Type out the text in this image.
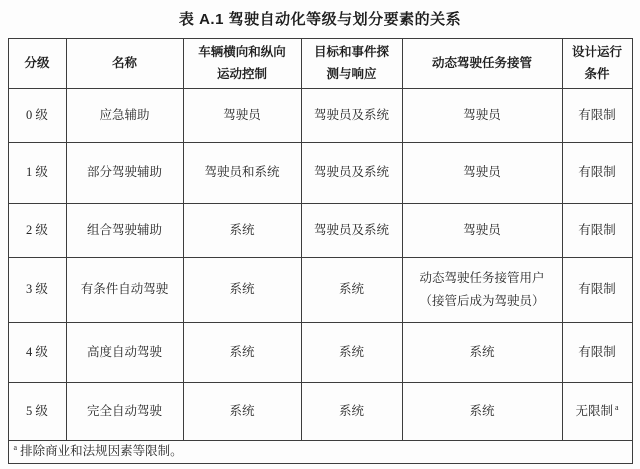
表 A.1 驾驶自动化等级与划分要素的关系
分级	名称	车辆横向和纵向运动控制	目标和事件探测与响应	动态驾驶任务接管	设计运行条件
0 级	应急辅助	驾驶员	驾驶员及系统	驾驶员	有限制
1 级	部分驾驶辅助	驾驶员和系统	驾驶员及系统	驾驶员	有限制
2 级	组合驾驶辅助	系统	驾驶员及系统	驾驶员	有限制
3 级	有条件自动驾驶	系统	系统	动态驾驶任务接管用户（接管后成为驾驶员）	有限制
4 级	高度自动驾驶	系统	系统	系统	有限制
5 级	完全自动驾驶	系统	系统	系统	无限制 $^a$
$^a$ 排除商业和法规因素等限制。					
